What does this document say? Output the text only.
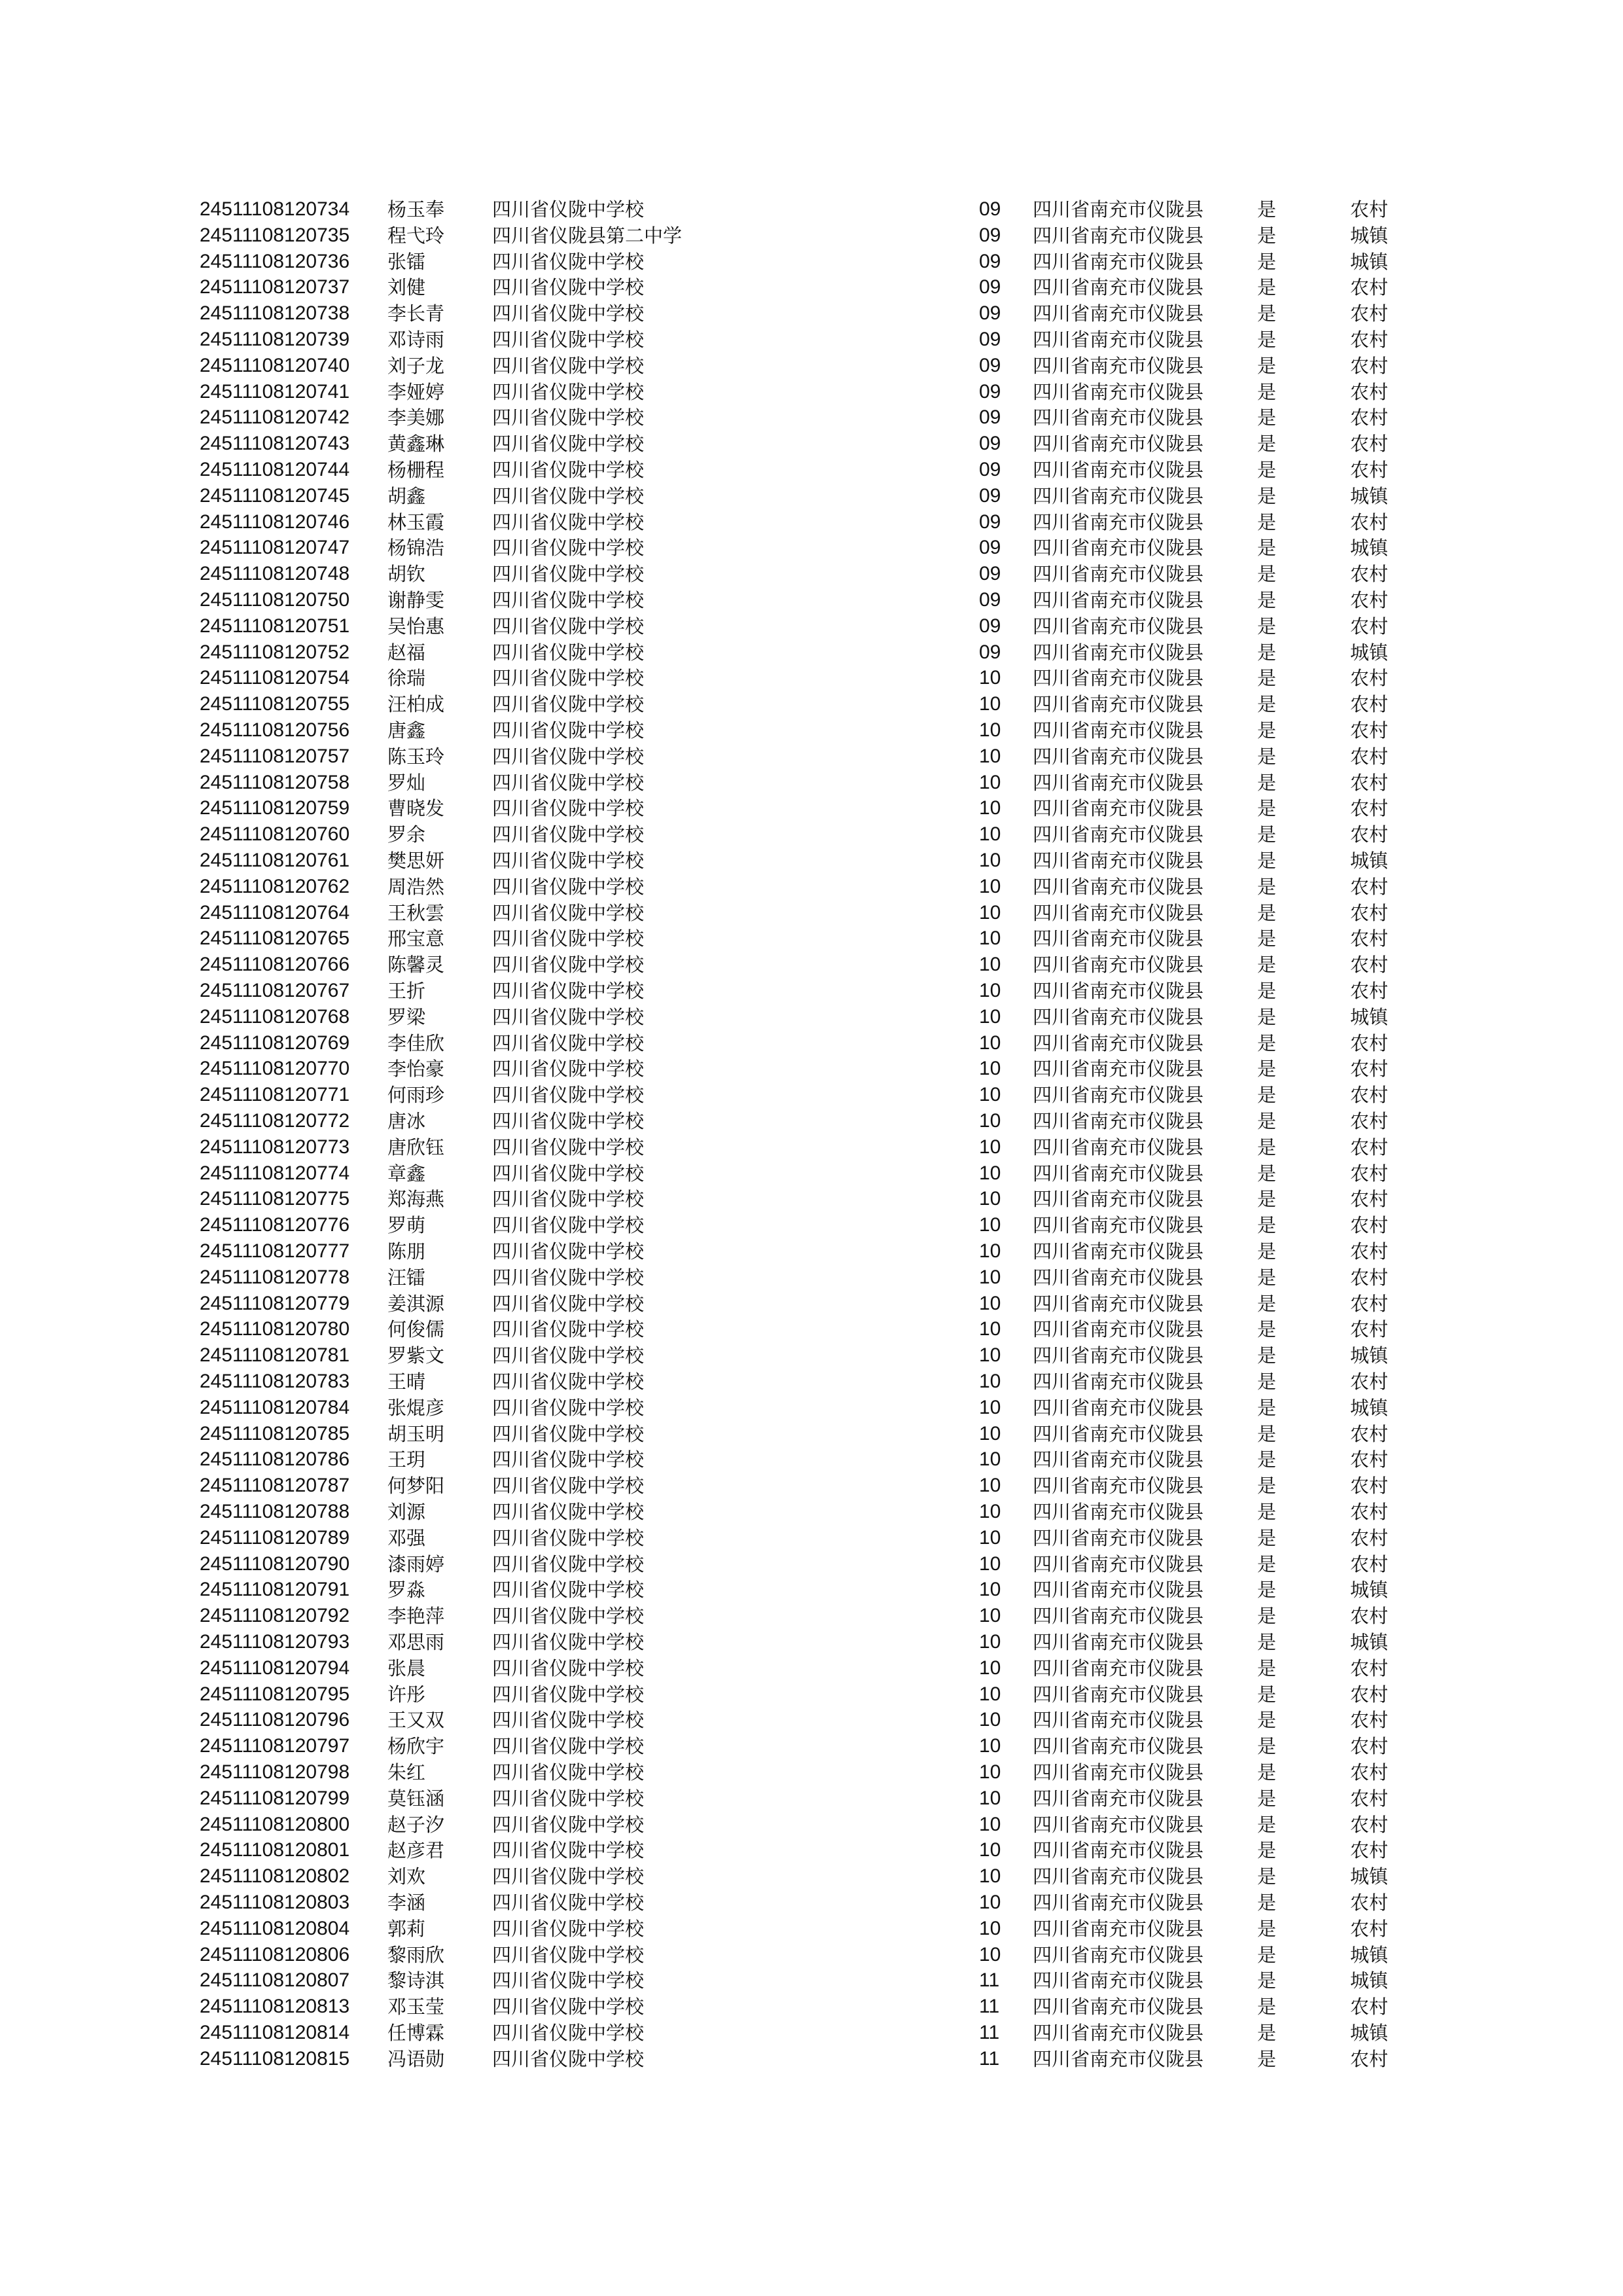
24511108120734 杨玉奉	四川省仪陇中学校	09 四川省南充市仪陇县	是	农村
24511108120735 程弋玲	四川省仪陇县第二中学	09 四川省南充市仪陇县	是	城镇
24511108120736 张镭	四川省仪陇中学校	09 四川省南充市仪陇县	是	城镇
24511108120737 刘健	四川省仪陇中学校	09 四川省南充市仪陇县	是	农村
24511108120738 李长青	四川省仪陇中学校	09 四川省南充市仪陇县	是	农村
24511108120739 邓诗雨	四川省仪陇中学校	09 四川省南充市仪陇县	是	农村
24511108120740 刘子龙	四川省仪陇中学校	09 四川省南充市仪陇县	是	农村
24511108120741 李娅婷	四川省仪陇中学校	09 四川省南充市仪陇县	是	农村
24511108120742 李美娜	四川省仪陇中学校	09 四川省南充市仪陇县	是	农村
24511108120743 黄鑫琳	四川省仪陇中学校	09 四川省南充市仪陇县	是	农村
24511108120744 杨栅程	四川省仪陇中学校	09 四川省南充市仪陇县	是	农村
24511108120745 胡鑫	四川省仪陇中学校	09 四川省南充市仪陇县	是	城镇
24511108120746 林玉霞	四川省仪陇中学校	09 四川省南充市仪陇县	是	农村
24511108120747 杨锦浩	四川省仪陇中学校	09 四川省南充市仪陇县	是	城镇
24511108120748 胡钦	四川省仪陇中学校	09 四川省南充市仪陇县	是	农村
24511108120750 谢静雯	四川省仪陇中学校	09 四川省南充市仪陇县	是	农村
24511108120751 吴怡惠	四川省仪陇中学校	09 四川省南充市仪陇县	是	农村
24511108120752 赵福	四川省仪陇中学校	09 四川省南充市仪陇县	是	城镇
24511108120754 徐瑞	四川省仪陇中学校	10 四川省南充市仪陇县	是	农村
24511108120755 汪柏成	四川省仪陇中学校	10 四川省南充市仪陇县	是	农村
24511108120756 唐鑫	四川省仪陇中学校	10 四川省南充市仪陇县	是	农村
24511108120757 陈玉玲	四川省仪陇中学校	10 四川省南充市仪陇县	是	农村
24511108120758 罗灿	四川省仪陇中学校	10 四川省南充市仪陇县	是	农村
24511108120759 曹晓发	四川省仪陇中学校	10 四川省南充市仪陇县	是	农村
24511108120760 罗余	四川省仪陇中学校	10 四川省南充市仪陇县	是	农村
24511108120761 樊思妍	四川省仪陇中学校	10 四川省南充市仪陇县	是	城镇
24511108120762 周浩然	四川省仪陇中学校	10 四川省南充市仪陇县	是	农村
24511108120764 王秋雲	四川省仪陇中学校	10 四川省南充市仪陇县	是	农村
24511108120765 邢宝意	四川省仪陇中学校	10 四川省南充市仪陇县	是	农村
24511108120766 陈馨灵	四川省仪陇中学校	10 四川省南充市仪陇县	是	农村
24511108120767 王折	四川省仪陇中学校	10 四川省南充市仪陇县	是	农村
24511108120768 罗梁	四川省仪陇中学校	10 四川省南充市仪陇县	是	城镇
24511108120769 李佳欣	四川省仪陇中学校	10 四川省南充市仪陇县	是	农村
24511108120770 李怡豪	四川省仪陇中学校	10 四川省南充市仪陇县	是	农村
24511108120771 何雨珍	四川省仪陇中学校	10 四川省南充市仪陇县	是	农村
24511108120772 唐冰	四川省仪陇中学校	10 四川省南充市仪陇县	是	农村
24511108120773 唐欣钰	四川省仪陇中学校	10 四川省南充市仪陇县	是	农村
24511108120774 章鑫	四川省仪陇中学校	10 四川省南充市仪陇县	是	农村
24511108120775 郑海燕	四川省仪陇中学校	10 四川省南充市仪陇县	是	农村
24511108120776 罗萌	四川省仪陇中学校	10 四川省南充市仪陇县	是	农村
24511108120777 陈朋	四川省仪陇中学校	10 四川省南充市仪陇县	是	农村
24511108120778 汪镭	四川省仪陇中学校	10 四川省南充市仪陇县	是	农村
24511108120779 姜淇源	四川省仪陇中学校	10 四川省南充市仪陇县	是	农村
24511108120780 何俊儒	四川省仪陇中学校	10 四川省南充市仪陇县	是	农村
24511108120781 罗紫文	四川省仪陇中学校	10 四川省南充市仪陇县	是	城镇
24511108120783 王晴	四川省仪陇中学校	10 四川省南充市仪陇县	是	农村
24511108120784 张焜彦	四川省仪陇中学校	10 四川省南充市仪陇县	是	城镇
24511108120785 胡玉明	四川省仪陇中学校	10 四川省南充市仪陇县	是	农村
24511108120786 王玥	四川省仪陇中学校	10 四川省南充市仪陇县	是	农村
24511108120787 何梦阳	四川省仪陇中学校	10 四川省南充市仪陇县	是	农村
24511108120788 刘源	四川省仪陇中学校	10 四川省南充市仪陇县	是	农村
24511108120789 邓强	四川省仪陇中学校	10 四川省南充市仪陇县	是	农村
24511108120790 漆雨婷	四川省仪陇中学校	10 四川省南充市仪陇县	是	农村
24511108120791 罗淼	四川省仪陇中学校	10 四川省南充市仪陇县	是	城镇
24511108120792 李艳萍	四川省仪陇中学校	10 四川省南充市仪陇县	是	农村
24511108120793 邓思雨	四川省仪陇中学校	10 四川省南充市仪陇县	是	城镇
24511108120794 张晨	四川省仪陇中学校	10 四川省南充市仪陇县	是	农村
24511108120795 许彤	四川省仪陇中学校	10 四川省南充市仪陇县	是	农村
24511108120796 王又双	四川省仪陇中学校	10 四川省南充市仪陇县	是	农村
24511108120797 杨欣宇	四川省仪陇中学校	10 四川省南充市仪陇县	是	农村
24511108120798 朱红	四川省仪陇中学校	10 四川省南充市仪陇县	是	农村
24511108120799 莫钰涵	四川省仪陇中学校	10 四川省南充市仪陇县	是	农村
24511108120800 赵子汐	四川省仪陇中学校	10 四川省南充市仪陇县	是	农村
24511108120801 赵彦君	四川省仪陇中学校	10 四川省南充市仪陇县	是	农村
24511108120802 刘欢	四川省仪陇中学校	10 四川省南充市仪陇县	是	城镇
24511108120803 李涵	四川省仪陇中学校	10 四川省南充市仪陇县	是	农村
24511108120804 郭莉	四川省仪陇中学校	10 四川省南充市仪陇县	是	农村
24511108120806 黎雨欣	四川省仪陇中学校	10 四川省南充市仪陇县	是	城镇
24511108120807 黎诗淇	四川省仪陇中学校	11 四川省南充市仪陇县	是	城镇
24511108120813 邓玉莹	四川省仪陇中学校	11 四川省南充市仪陇县	是	农村
24511108120814 任博霖	四川省仪陇中学校	11 四川省南充市仪陇县	是	城镇
24511108120815 冯语勋	四川省仪陇中学校	11 四川省南充市仪陇县	是	农村
